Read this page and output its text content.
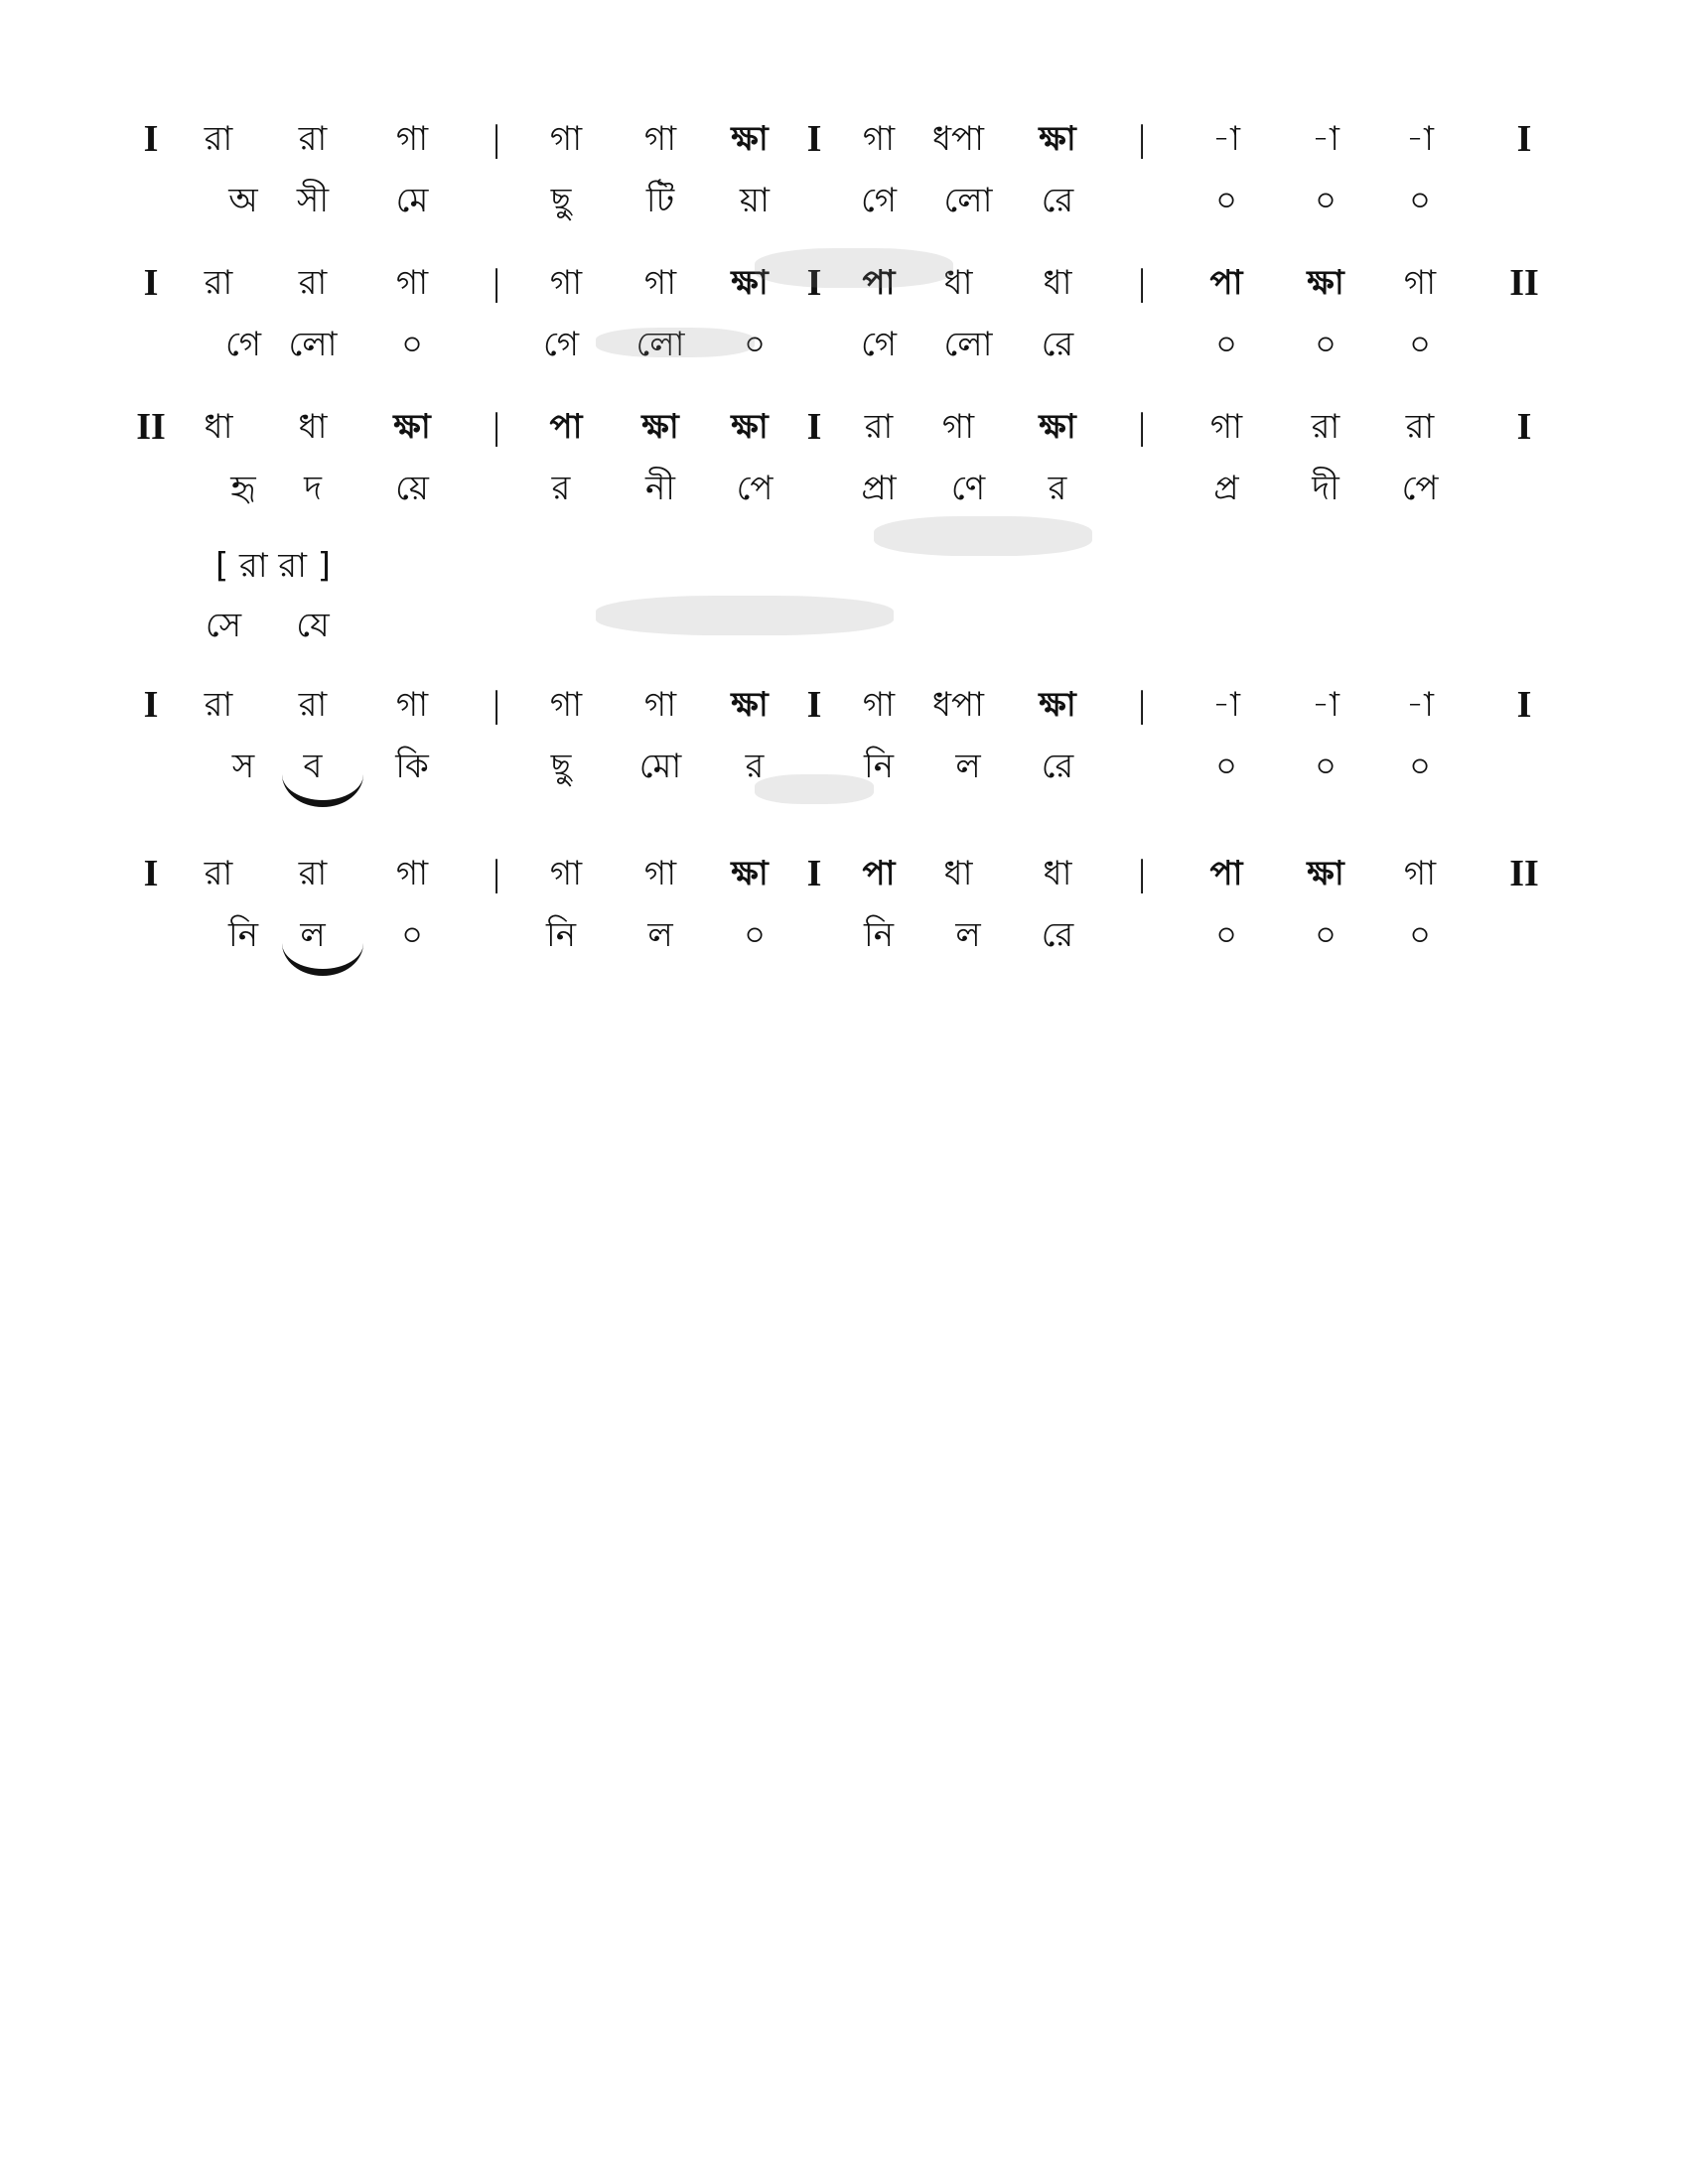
I রা রা গা | গা গা ক্ষা I গা ধপা ক্ষা | -া -া -া I
অ সী মে	ছু টি য়া	গে লো রে	০ ০ ০
I রা রা গা | গা গা ক্ষা I পা ধা ধা | পা ক্ষা গা II
গে লো ০	গে লো ০	গে লো রে	০ ০ ০
II ধা ধা ক্ষা | পা ক্ষা ক্ষা I রা গা ক্ষা | গা রা রা I
হৃ দ য়ে	র নী পে	প্রা ণে র	প্র দী পে
[ রা রা ]
সে যে
I রা রা গা | গা গা ক্ষা I গা ধপা ক্ষা | -া -া -া I
স ব কি	ছু মো র	নি ল রে	০ ০ ০
I রা রা গা | গা গা ক্ষা I পা ধা ধা | পা ক্ষা গা II
নি ল ০	নি ল ০	নি ল রে	০ ০ ০
